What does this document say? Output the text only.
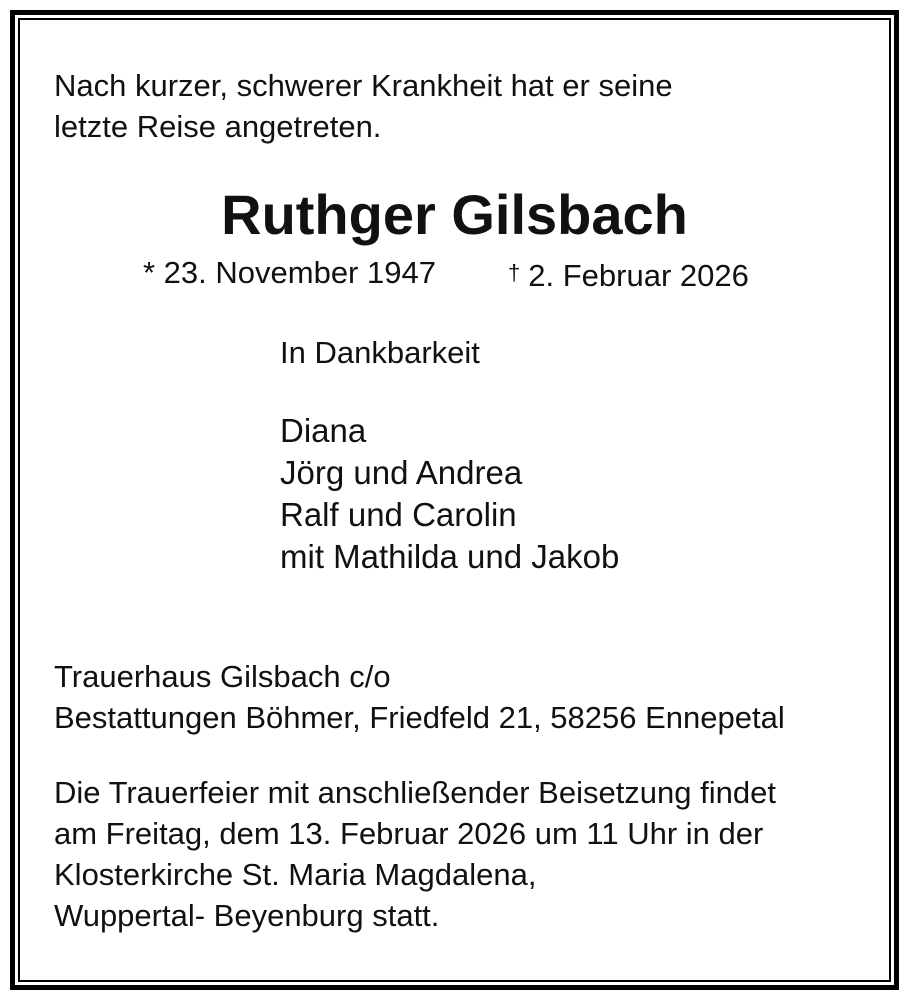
Nach kurzer, schwerer Krankheit hat er seine
letzte Reise angetreten.
Ruthger Gilsbach
* 23. November 1947	† 2. Februar 2026
In Dankbarkeit
Diana
Jörg und Andrea
Ralf und Carolin
mit Mathilda und Jakob
Trauerhaus Gilsbach c/o
Bestattungen Böhmer, Friedfeld 21, 58256 Ennepetal
Die Trauerfeier mit anschließender Beisetzung findet
am Freitag, dem 13. Februar 2026 um 11 Uhr in der
Klosterkirche St. Maria Magdalena,
Wuppertal- Beyenburg statt.
